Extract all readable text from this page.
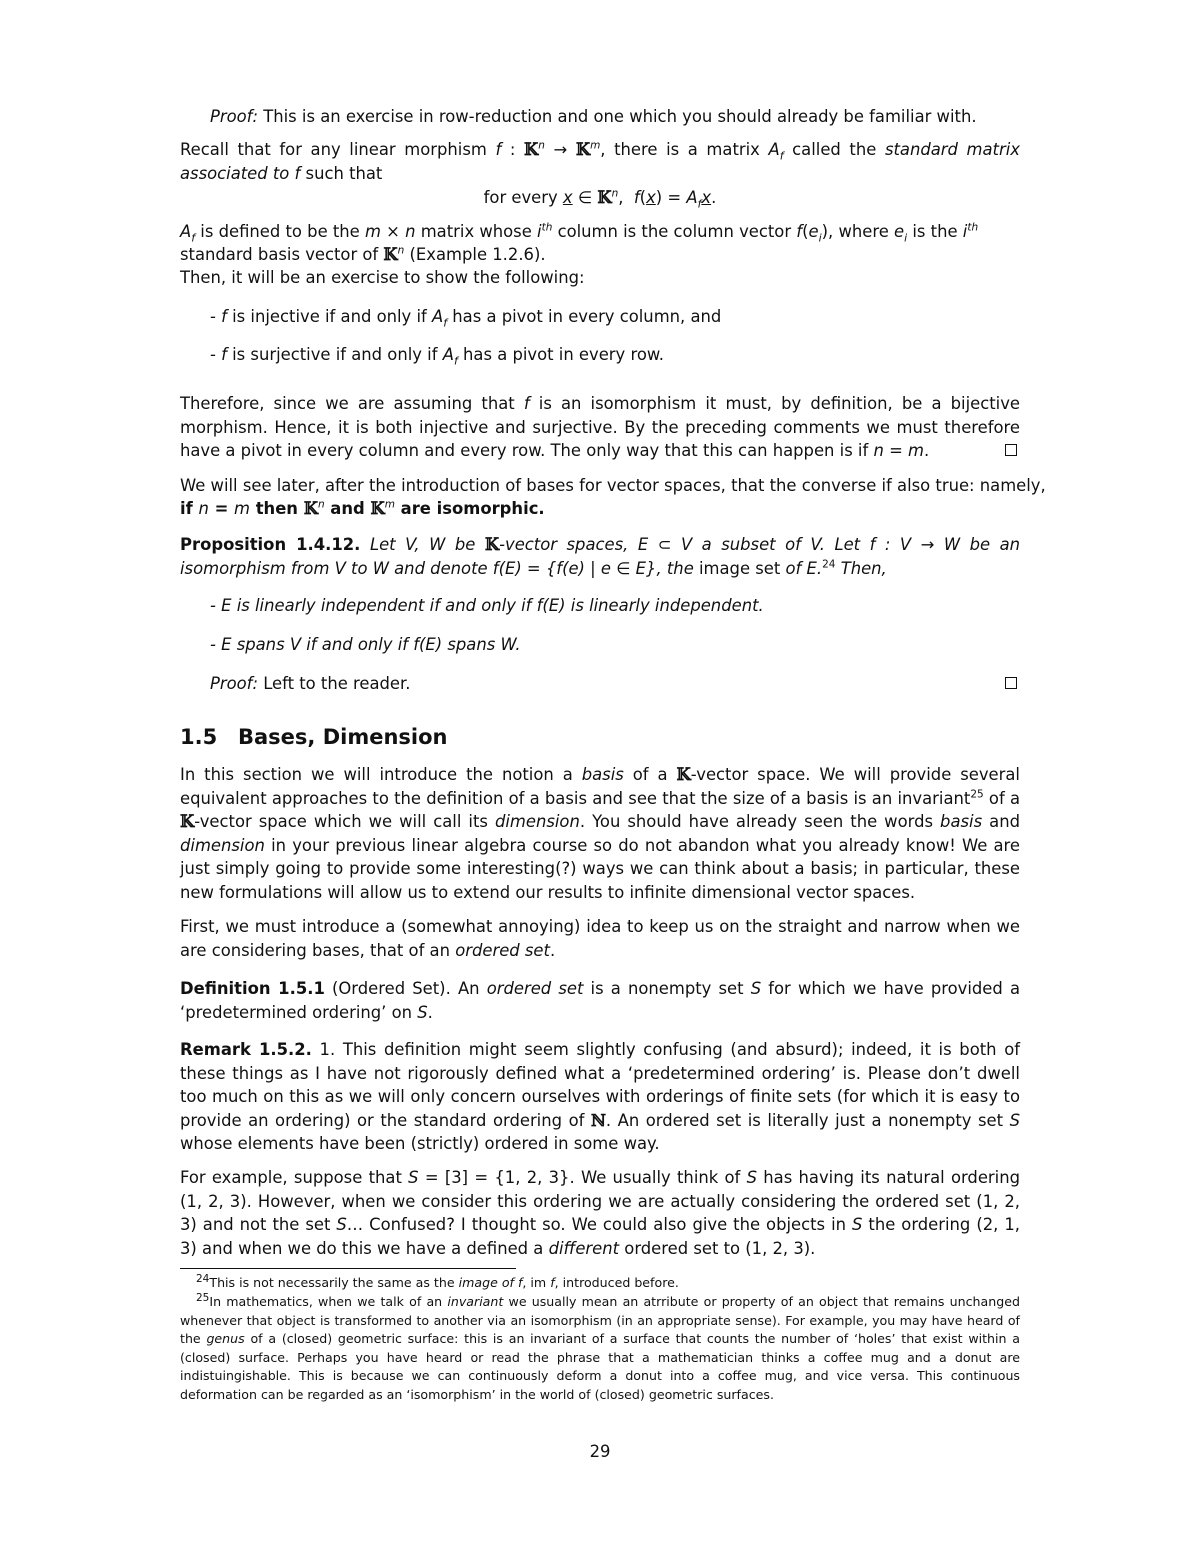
Proof: This is an exercise in row-reduction and one which you should already be familiar with.
Recall that for any linear morphism f : 𝕂$^n$ → 𝕂$^m$, there is a matrix $A_f$ called the standard matrix associated to f such that
for every x ∈ 𝕂$^n$,  $f(x) = A_fx$.
$A_f$ is defined to be the m × n matrix whose $i^{th}$ column is the column vector $f(e_i)$, where $e_i$ is the $i^{th}$
standard basis vector of 𝕂$^n$ (Example 1.2.6).
Then, it will be an exercise to show the following:
- f is injective if and only if $A_f$ has a pivot in every column, and
- f is surjective if and only if $A_f$ has a pivot in every row.
Therefore, since we are assuming that f is an isomorphism it must, by definition, be a bijective morphism. Hence, it is both injective and surjective. By the preceding comments we must therefore have a pivot in every column and every row. The only way that this can happen is if n = m.
We will see later, after the introduction of bases for vector spaces, that the converse if also true: namely,
if n = m then 𝕂$^n$ and 𝕂$^m$ are isomorphic.
Proposition 1.4.12. Let V, W be 𝕂-vector spaces, E ⊂ V a subset of V. Let f : V → W be an isomorphism from V to W and denote f(E) = {f(e) | e ∈ E}, the image set of E.$^{24}$ Then,
- E is linearly independent if and only if f(E) is linearly independent.
- E spans V if and only if f(E) spans W.
Proof: Left to the reader.
1.5 Bases, Dimension
In this section we will introduce the notion a basis of a 𝕂-vector space. We will provide several equivalent approaches to the definition of a basis and see that the size of a basis is an invariant$^{25}$ of a 𝕂-vector space which we will call its dimension. You should have already seen the words basis and dimension in your previous linear algebra course so do not abandon what you already know! We are just simply going to provide some interesting(?) ways we can think about a basis; in particular, these new formulations will allow us to extend our results to infinite dimensional vector spaces.
First, we must introduce a (somewhat annoying) idea to keep us on the straight and narrow when we are considering bases, that of an ordered set.
Definition 1.5.1 (Ordered Set). An ordered set is a nonempty set S for which we have provided a ‘predetermined ordering’ on S.
Remark 1.5.2. 1. This definition might seem slightly confusing (and absurd); indeed, it is both of these things as I have not rigorously defined what a ‘predetermined ordering’ is. Please don’t dwell too much on this as we will only concern ourselves with orderings of finite sets (for which it is easy to provide an ordering) or the standard ordering of ℕ. An ordered set is literally just a nonempty set S whose elements have been (strictly) ordered in some way.
For example, suppose that S = [3] = {1, 2, 3}. We usually think of S has having its natural ordering (1, 2, 3). However, when we consider this ordering we are actually considering the ordered set (1, 2, 3) and not the set S… Confused? I thought so. We could also give the objects in S the ordering (2, 1, 3) and when we do this we have a defined a different ordered set to (1, 2, 3).
$^{24}$This is not necessarily the same as the image of f, im f, introduced before.
$^{25}$In mathematics, when we talk of an invariant we usually mean an atrribute or property of an object that remains unchanged whenever that object is transformed to another via an isomorphism (in an appropriate sense). For example, you may have heard of the genus of a (closed) geometric surface: this is an invariant of a surface that counts the number of ‘holes’ that exist within a (closed) surface. Perhaps you have heard or read the phrase that a mathematician thinks a coffee mug and a donut are indistuingishable. This is because we can continuously deform a donut into a coffee mug, and vice versa. This continuous deformation can be regarded as an ‘isomorphism’ in the world of (closed) geometric surfaces.
29
